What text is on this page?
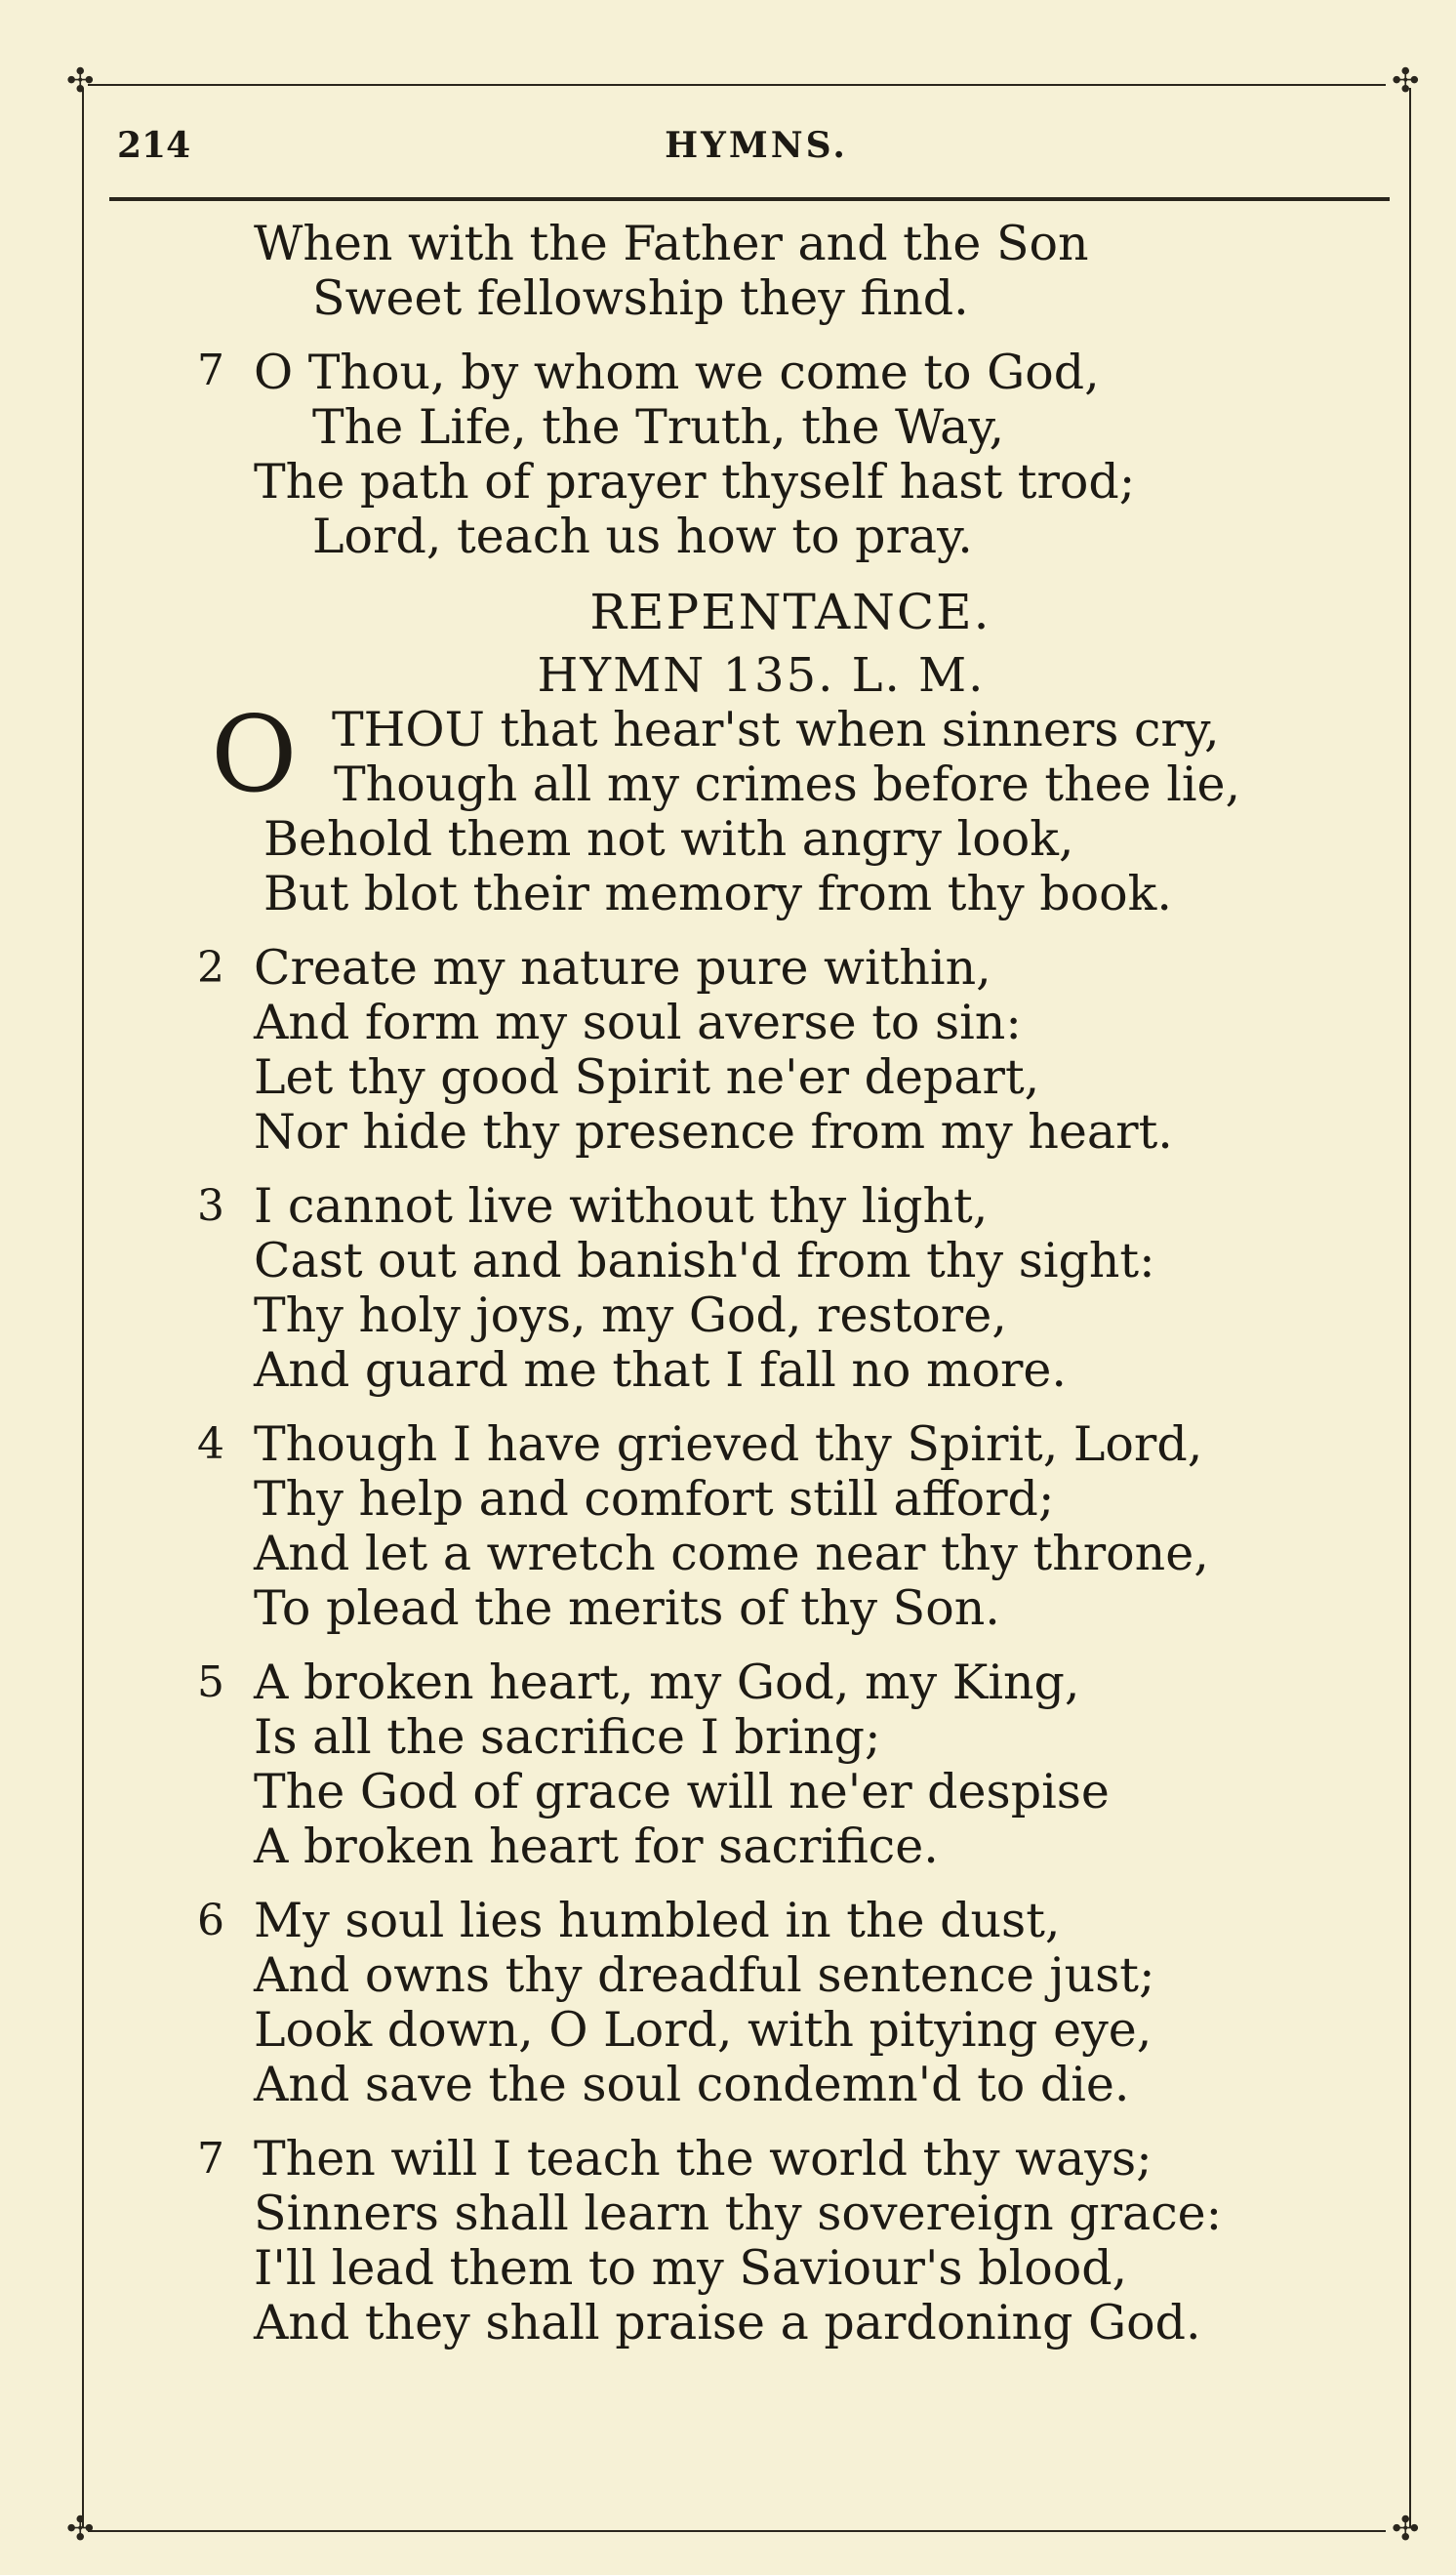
✣	✣
✣	✣
214	HYMNS.
When with the Father and the Son
Sweet fellowship they find.
7 O Thou, by whom we come to God,
The Life, the Truth, the Way,
The path of prayer thyself hast trod;
Lord, teach us how to pray.
REPENTANCE.
HYMN 135. L. M.
O THOU that hear'st when sinners cry,
Though all my crimes before thee lie,
Behold them not with angry look,
But blot their memory from thy book.
2 Create my nature pure within,
And form my soul averse to sin:
Let thy good Spirit ne'er depart,
Nor hide thy presence from my heart.
3 I cannot live without thy light,
Cast out and banish'd from thy sight:
Thy holy joys, my God, restore,
And guard me that I fall no more.
4 Though I have grieved thy Spirit, Lord,
Thy help and comfort still afford;
And let a wretch come near thy throne,
To plead the merits of thy Son.
5 A broken heart, my God, my King,
Is all the sacrifice I bring;
The God of grace will ne'er despise
A broken heart for sacrifice.
6 My soul lies humbled in the dust,
And owns thy dreadful sentence just;
Look down, O Lord, with pitying eye,
And save the soul condemn'd to die.
7 Then will I teach the world thy ways;
Sinners shall learn thy sovereign grace:
I'll lead them to my Saviour's blood,
And they shall praise a pardoning God.
